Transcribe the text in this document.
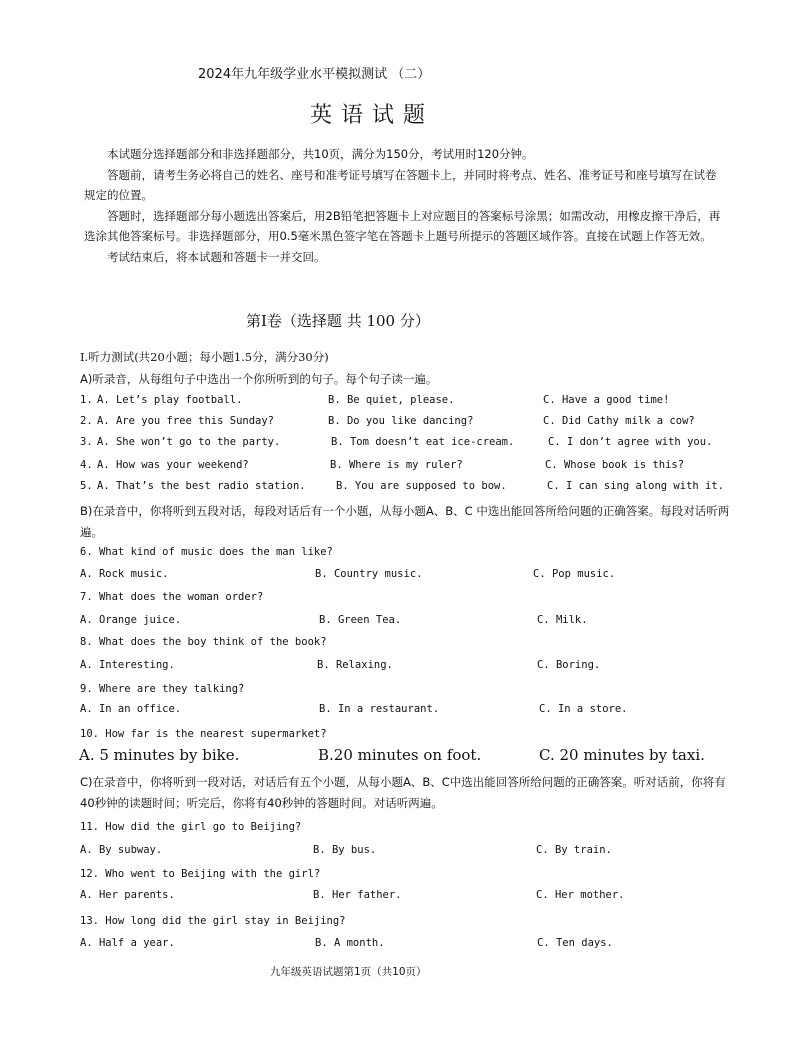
2024年九年级学业水平模拟测试 （二）
英 语 试 题

本试题分选择题部分和非选择题部分，共10页，满分为150分，考试用时120分钟。

答题前，请考生务必将自己的姓名、座号和准考证号填写在答题卡上，并同时将考点、姓名、准考证号和座号填写在试卷规定的位置。

答题时，选择题部分每小题选出答案后，用2B铅笔把答题卡上对应题目的答案标号涂黑；如需改动，用橡皮擦干净后，再选涂其他答案标号。非选择题部分，用0.5毫米黑色签字笔在答题卡上题号所提示的答题区域作答。直接在试题上作答无效。

考试结束后，将本试题和答题卡一并交回。

第Ⅰ卷（选择题 共 100 分）
Ⅰ.听力测试(共20小题；每小题1.5分，满分30分)
A)听录音，从每组句子中选出一个你所听到的句子。每个句子读一遍。
1. A. Let’s play football.	B. Be quiet, please.	C. Have a good time!
2. A. Are you free this Sunday?	B. Do you like dancing?	C. Did Cathy milk a cow?
3. A. She won’t go to the party.	B. Tom doesn’t eat ice-cream.	C. I don’t agree with you.
4. A. How was your weekend?	B. Where is my ruler?	C. Whose book is this?
5. A. That’s the best radio station.	B. You are supposed to bow.	C. I can sing along with it.

B)在录音中，你将听到五段对话，每段对话后有一个小题，从每小题A、B、C 中选出能回答所给问题的正确答案。每段对话听两遍。

6. What kind of music does the man like?
A. Rock music.	B. Country music.	C. Pop music.
7. What does the woman order?
A. Orange juice.	B. Green Tea.	C. Milk.
8. What does the boy think of the book?
A. Interesting.	B. Relaxing.	C. Boring.
9. Where are they talking?
A. In an office.	B. In a restaurant.	C. In a store.
10. How far is the nearest supermarket?
A. 5 minutes by bike.	B.20 minutes on foot.	C. 20 minutes by taxi.

C)在录音中，你将听到一段对话，对话后有五个小题，从每小题A、B、C中选出能回答所给问题的正确答案。听对话前，你将有40秒钟的读题时间；听完后，你将有40秒钟的答题时间。对话听两遍。

11. How did the girl go to Beijing?
A. By subway.	B. By bus.	C. By train.
12. Who went to Beijing with the girl?
A. Her parents.	B. Her father.	C. Her mother.
13. How long did the girl stay in Beijing?
A. Half a year.	B. A month.	C. Ten days.
九年级英语试题第1页（共10页）
